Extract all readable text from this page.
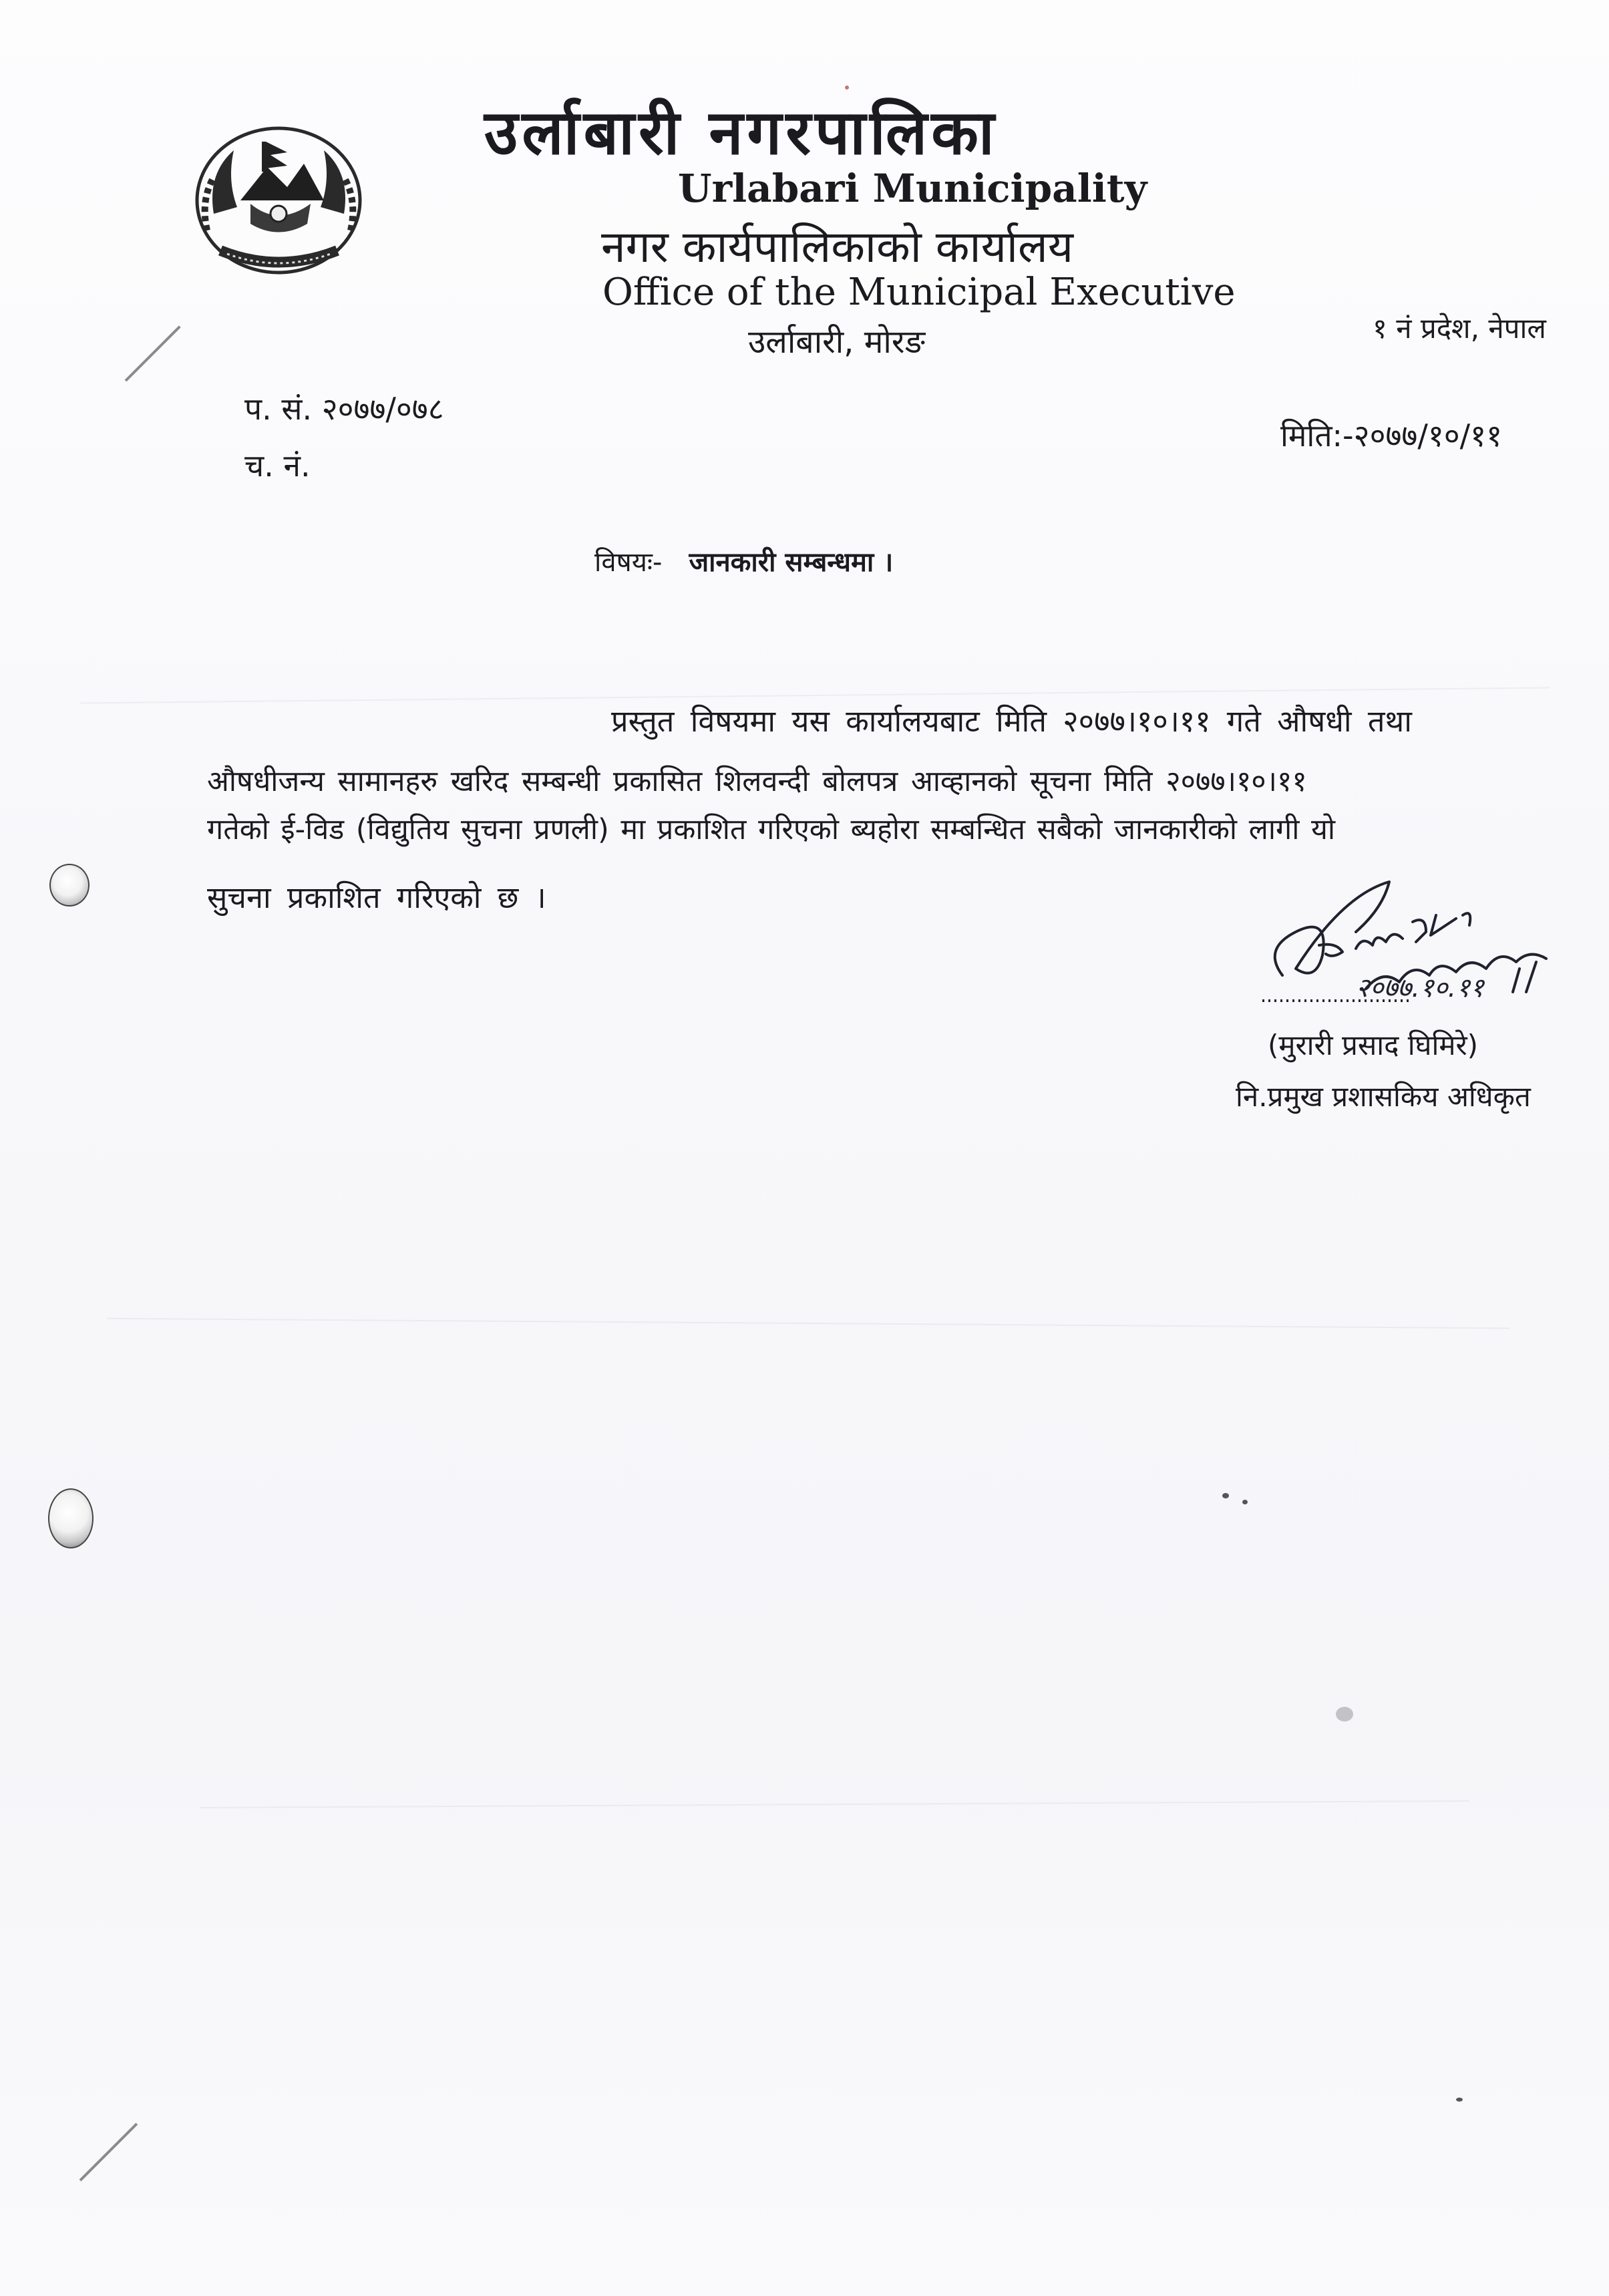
उर्लाबारी नगरपालिका
Urlabari Municipality
नगर कार्यपालिकाको कार्यालय
Office of the Municipal Executive
उर्लाबारी, मोरङ	१ नं प्रदेश, नेपाल
प. सं. २०७७/०७८
च. नं.
मिति:-२०७७/१०/११
विषयः- जानकारी सम्बन्धमा ।
प्रस्तुत विषयमा यस कार्यालयबाट मिति २०७७।१०।११ गते औषधी तथा
औषधीजन्य सामानहरु खरिद सम्बन्धी प्रकासित शिलवन्दी बोलपत्र आव्हानको सूचना मिति २०७७।१०।११
गतेको ई-विड (विद्युतिय सुचना प्रणली) मा प्रकाशित गरिएको ब्यहोरा सम्बन्धित सबैको जानकारीको लागी यो
सुचना प्रकाशित गरिएको छ ।
२०७७.१०.११
(मुरारी प्रसाद घिमिरे)
नि.प्रमुख प्रशासकिय अधिकृत
